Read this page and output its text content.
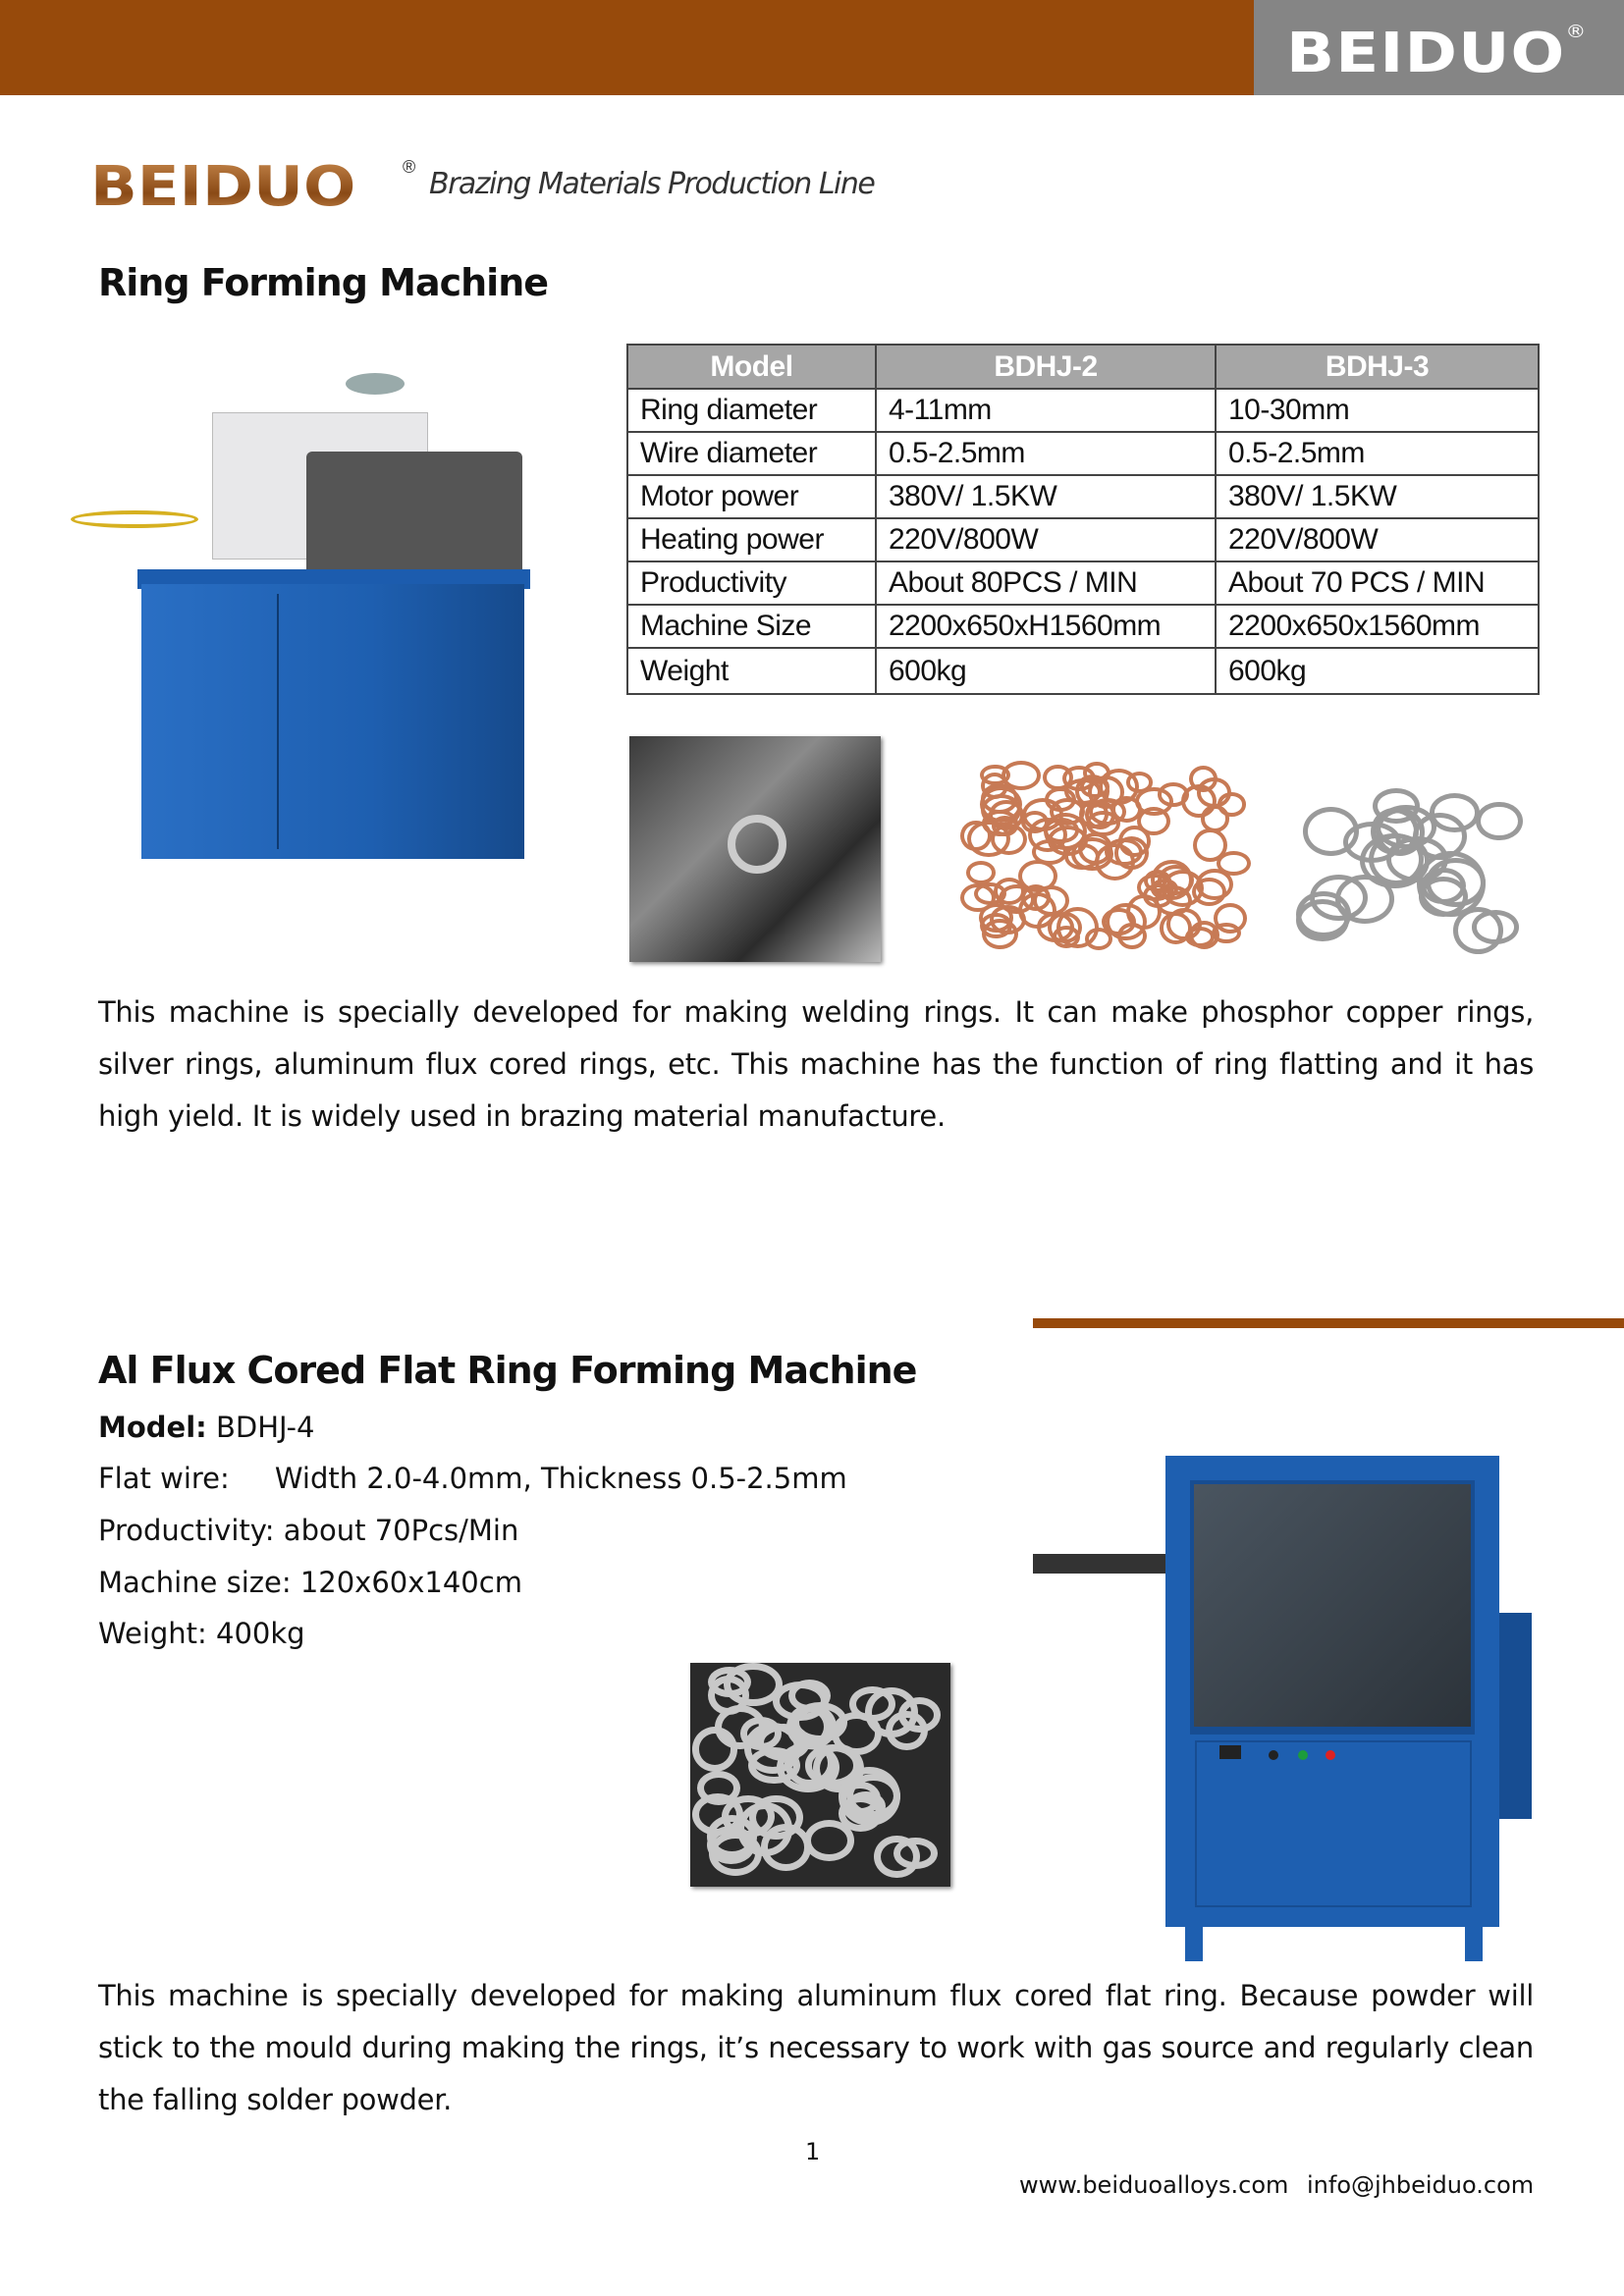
BEIDUO®
BEIDUO	® Brazing Materials Production Line
Ring Forming Machine
Model	BDHJ-2	BDHJ-3
Ring diameter	4-11mm	10-30mm
Wire diameter	0.5-2.5mm	0.5-2.5mm
Motor power	380V/ 1.5KW	380V/ 1.5KW
Heating power	220V/800W	220V/800W
Productivity	About 80PCS / MIN	About 70 PCS / MIN
Machine Size	2200x650xH1560mm	2200x650x1560mm
Weight	600kg	600kg
This machine is specially developed for making welding rings. It can make phosphor copper rings, silver rings, aluminum flux cored rings, etc. This machine has the function of ring flatting and it has high yield. It is widely used in brazing material manufacture.
Al Flux Cored Flat Ring Forming Machine
Model: BDHJ-4
Flat wire:     Width 2.0-4.0mm, Thickness 0.5-2.5mm
Productivity: about 70Pcs/Min
Machine size: 120x60x140cm
Weight: 400kg
This machine is specially developed for making aluminum flux cored flat ring. Because powder will stick to the mould during making the rings, it’s necessary to work with gas source and regularly clean the falling solder powder.
1
www.beiduoalloys.com info@jhbeiduo.com
